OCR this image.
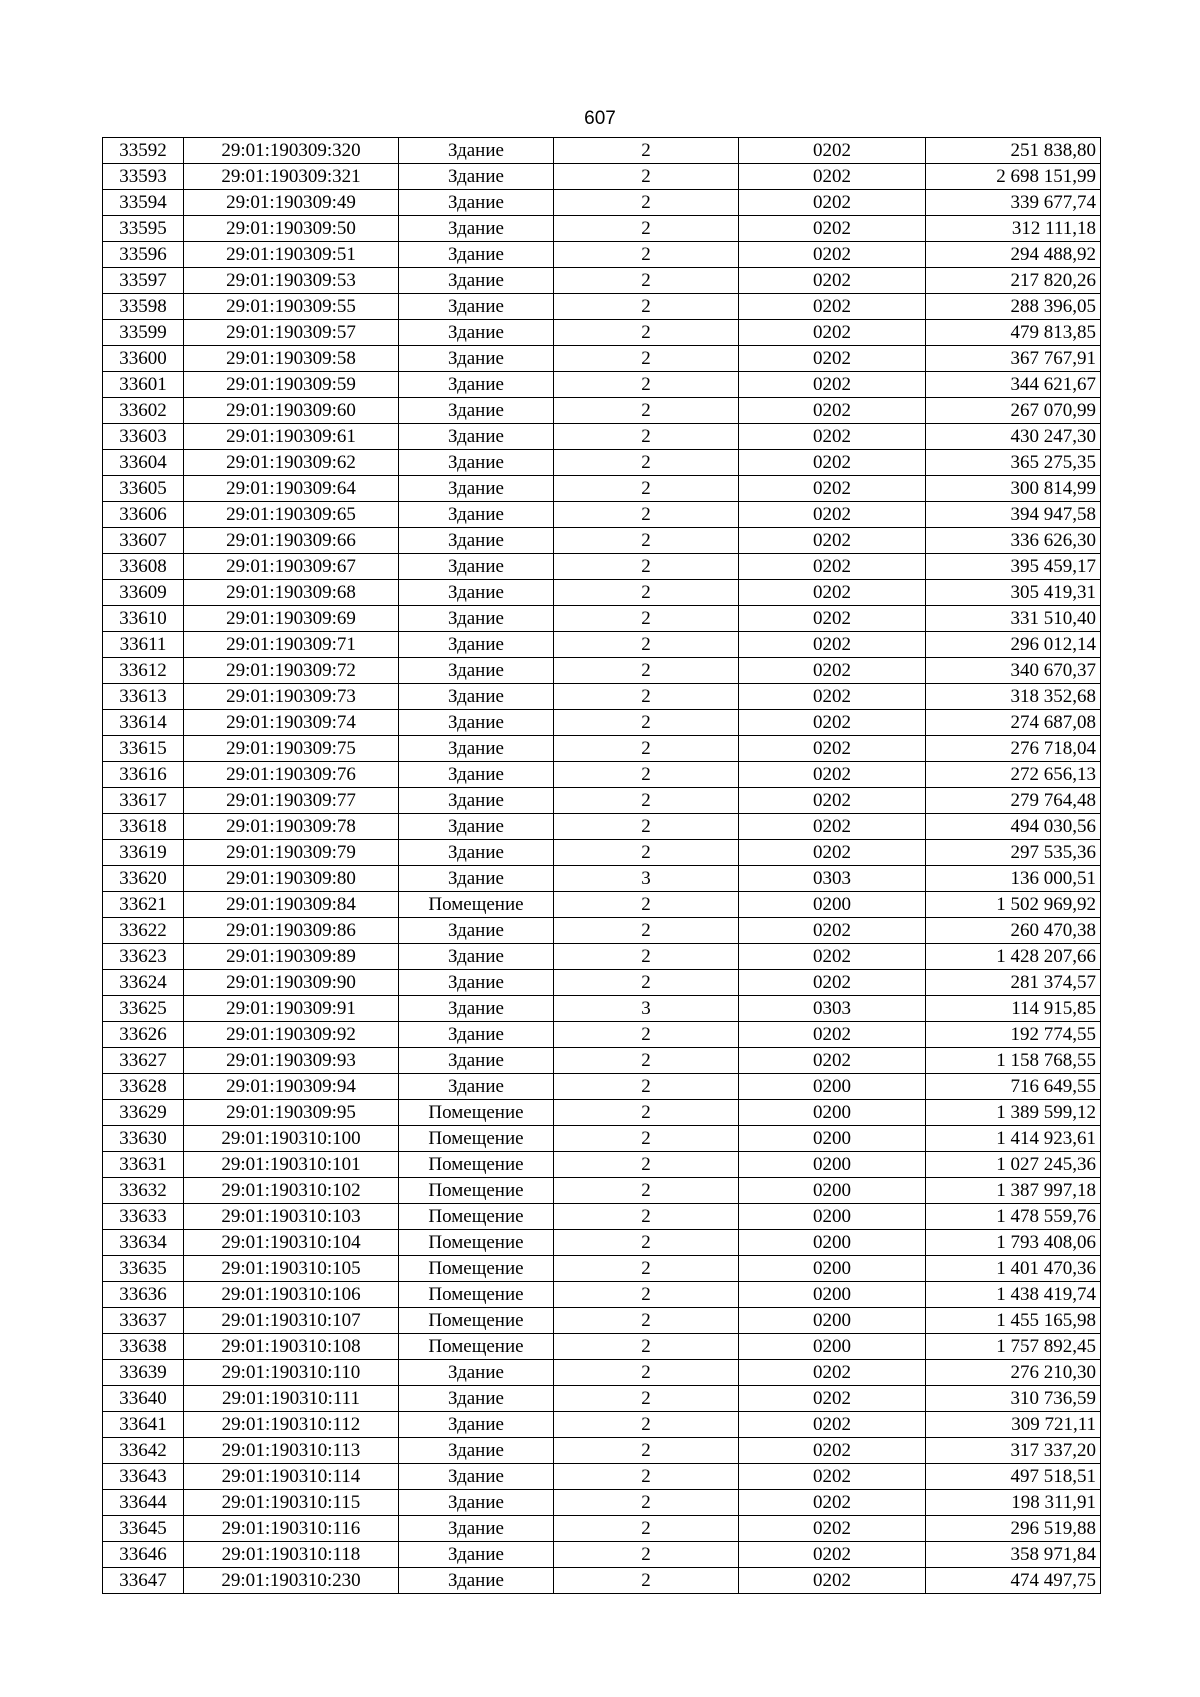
607
33592	29:01:190309:320	Здание	2	0202	251 838,80
33593	29:01:190309:321	Здание	2	0202	2 698 151,99
33594	29:01:190309:49	Здание	2	0202	339 677,74
33595	29:01:190309:50	Здание	2	0202	312 111,18
33596	29:01:190309:51	Здание	2	0202	294 488,92
33597	29:01:190309:53	Здание	2	0202	217 820,26
33598	29:01:190309:55	Здание	2	0202	288 396,05
33599	29:01:190309:57	Здание	2	0202	479 813,85
33600	29:01:190309:58	Здание	2	0202	367 767,91
33601	29:01:190309:59	Здание	2	0202	344 621,67
33602	29:01:190309:60	Здание	2	0202	267 070,99
33603	29:01:190309:61	Здание	2	0202	430 247,30
33604	29:01:190309:62	Здание	2	0202	365 275,35
33605	29:01:190309:64	Здание	2	0202	300 814,99
33606	29:01:190309:65	Здание	2	0202	394 947,58
33607	29:01:190309:66	Здание	2	0202	336 626,30
33608	29:01:190309:67	Здание	2	0202	395 459,17
33609	29:01:190309:68	Здание	2	0202	305 419,31
33610	29:01:190309:69	Здание	2	0202	331 510,40
33611	29:01:190309:71	Здание	2	0202	296 012,14
33612	29:01:190309:72	Здание	2	0202	340 670,37
33613	29:01:190309:73	Здание	2	0202	318 352,68
33614	29:01:190309:74	Здание	2	0202	274 687,08
33615	29:01:190309:75	Здание	2	0202	276 718,04
33616	29:01:190309:76	Здание	2	0202	272 656,13
33617	29:01:190309:77	Здание	2	0202	279 764,48
33618	29:01:190309:78	Здание	2	0202	494 030,56
33619	29:01:190309:79	Здание	2	0202	297 535,36
33620	29:01:190309:80	Здание	3	0303	136 000,51
33621	29:01:190309:84	Помещение	2	0200	1 502 969,92
33622	29:01:190309:86	Здание	2	0202	260 470,38
33623	29:01:190309:89	Здание	2	0202	1 428 207,66
33624	29:01:190309:90	Здание	2	0202	281 374,57
33625	29:01:190309:91	Здание	3	0303	114 915,85
33626	29:01:190309:92	Здание	2	0202	192 774,55
33627	29:01:190309:93	Здание	2	0202	1 158 768,55
33628	29:01:190309:94	Здание	2	0200	716 649,55
33629	29:01:190309:95	Помещение	2	0200	1 389 599,12
33630	29:01:190310:100	Помещение	2	0200	1 414 923,61
33631	29:01:190310:101	Помещение	2	0200	1 027 245,36
33632	29:01:190310:102	Помещение	2	0200	1 387 997,18
33633	29:01:190310:103	Помещение	2	0200	1 478 559,76
33634	29:01:190310:104	Помещение	2	0200	1 793 408,06
33635	29:01:190310:105	Помещение	2	0200	1 401 470,36
33636	29:01:190310:106	Помещение	2	0200	1 438 419,74
33637	29:01:190310:107	Помещение	2	0200	1 455 165,98
33638	29:01:190310:108	Помещение	2	0200	1 757 892,45
33639	29:01:190310:110	Здание	2	0202	276 210,30
33640	29:01:190310:111	Здание	2	0202	310 736,59
33641	29:01:190310:112	Здание	2	0202	309 721,11
33642	29:01:190310:113	Здание	2	0202	317 337,20
33643	29:01:190310:114	Здание	2	0202	497 518,51
33644	29:01:190310:115	Здание	2	0202	198 311,91
33645	29:01:190310:116	Здание	2	0202	296 519,88
33646	29:01:190310:118	Здание	2	0202	358 971,84
33647	29:01:190310:230	Здание	2	0202	474 497,75
